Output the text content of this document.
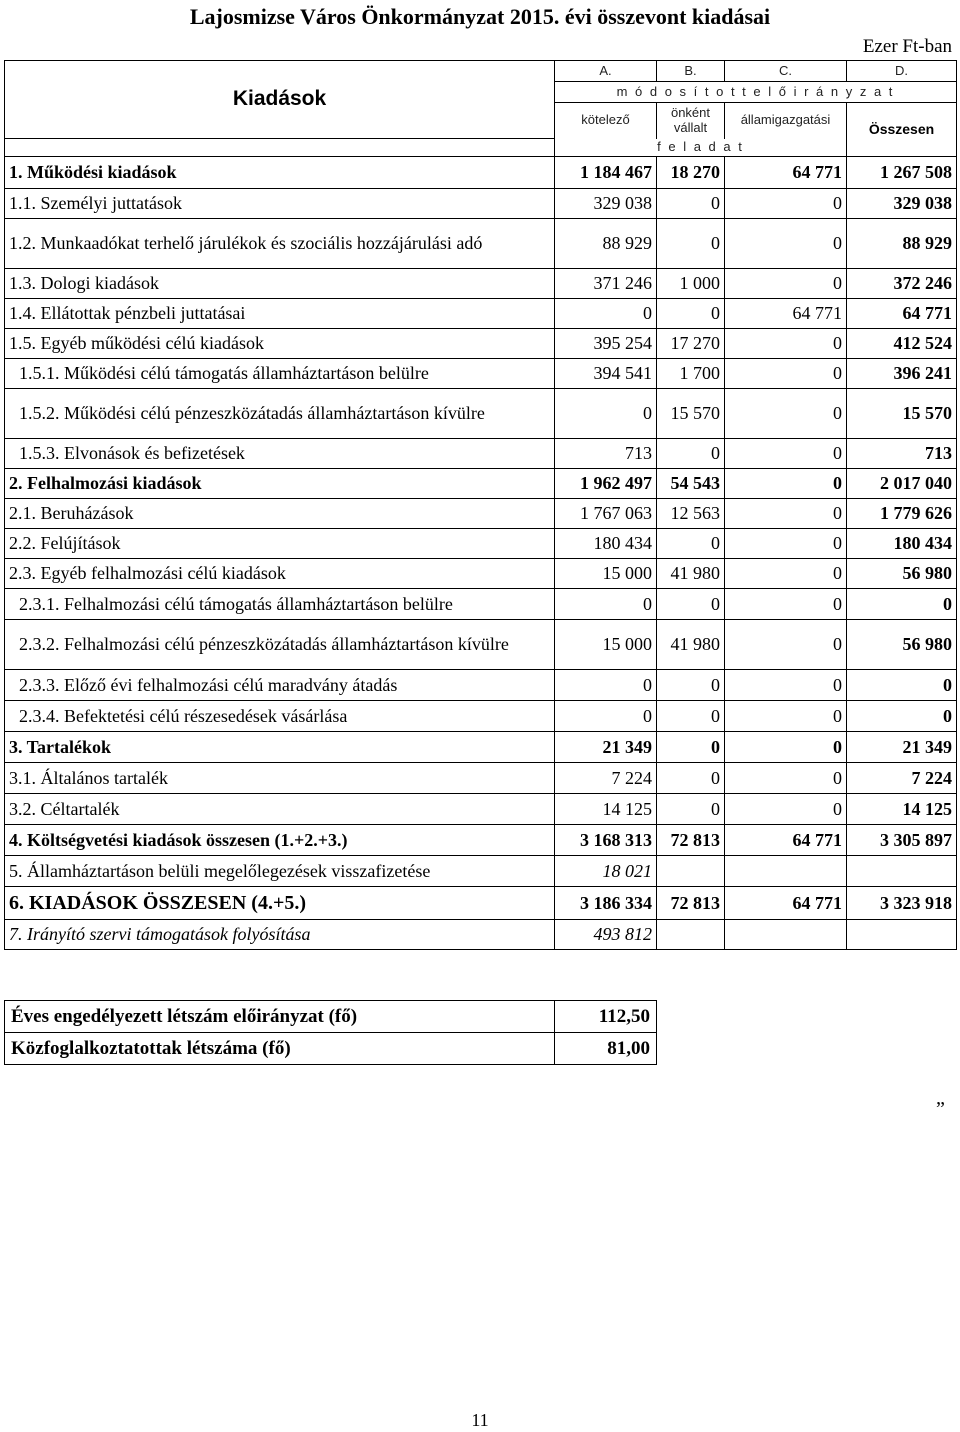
Lajosmizse Város Önkormányzat 2015. évi összevont kiadásai
Ezer Ft-ban
Kiadások	A.	B.	C.	D.
	m ó d o s í t o t t e l ő i r á n y z a t			
	kötelező	önként vállalt	államigazgatási	Összesen
	f e l a d a t			
1. Működési kiadások	1 184 467	18 270	64 771	1 267 508
1.1. Személyi juttatások	329 038	0	0	329 038
1.2. Munkaadókat terhelő járulékok és szociális hozzájárulási adó	88 929	0	0	88 929
1.3. Dologi kiadások	371 246	1 000	0	372 246
1.4. Ellátottak pénzbeli juttatásai	0	0	64 771	64 771
1.5. Egyéb működési célú kiadások	395 254	17 270	0	412 524
1.5.1. Működési célú támogatás államháztartáson belülre	394 541	1 700	0	396 241
1.5.2. Működési célú pénzeszközátadás államháztartáson kívülre	0	15 570	0	15 570
1.5.3. Elvonások és befizetések	713	0	0	713
2. Felhalmozási kiadások	1 962 497	54 543	0	2 017 040
2.1. Beruházások	1 767 063	12 563	0	1 779 626
2.2. Felújítások	180 434	0	0	180 434
2.3. Egyéb felhalmozási célú kiadások	15 000	41 980	0	56 980
2.3.1. Felhalmozási célú támogatás államháztartáson belülre	0	0	0	0
2.3.2. Felhalmozási célú pénzeszközátadás államháztartáson kívülre	15 000	41 980	0	56 980
2.3.3. Előző évi felhalmozási célú maradvány átadás	0	0	0	0
2.3.4. Befektetési célú részesedések vásárlása	0	0	0	0
3. Tartalékok	21 349	0	0	21 349
3.1. Általános tartalék	7 224	0	0	7 224
3.2. Céltartalék	14 125	0	0	14 125
4. Költségvetési kiadások összesen (1.+2.+3.)	3 168 313	72 813	64 771	3 305 897
5. Államháztartáson belüli megelőlegezések visszafizetése	18 021			
6. KIADÁSOK ÖSSZESEN (4.+5.)	3 186 334	72 813	64 771	3 323 918
7. Irányító szervi támogatások folyósítása	493 812			
Éves engedélyezett létszám előirányzat (fő)	112,50
Közfoglalkoztatottak létszáma (fő)	81,00
”
11
